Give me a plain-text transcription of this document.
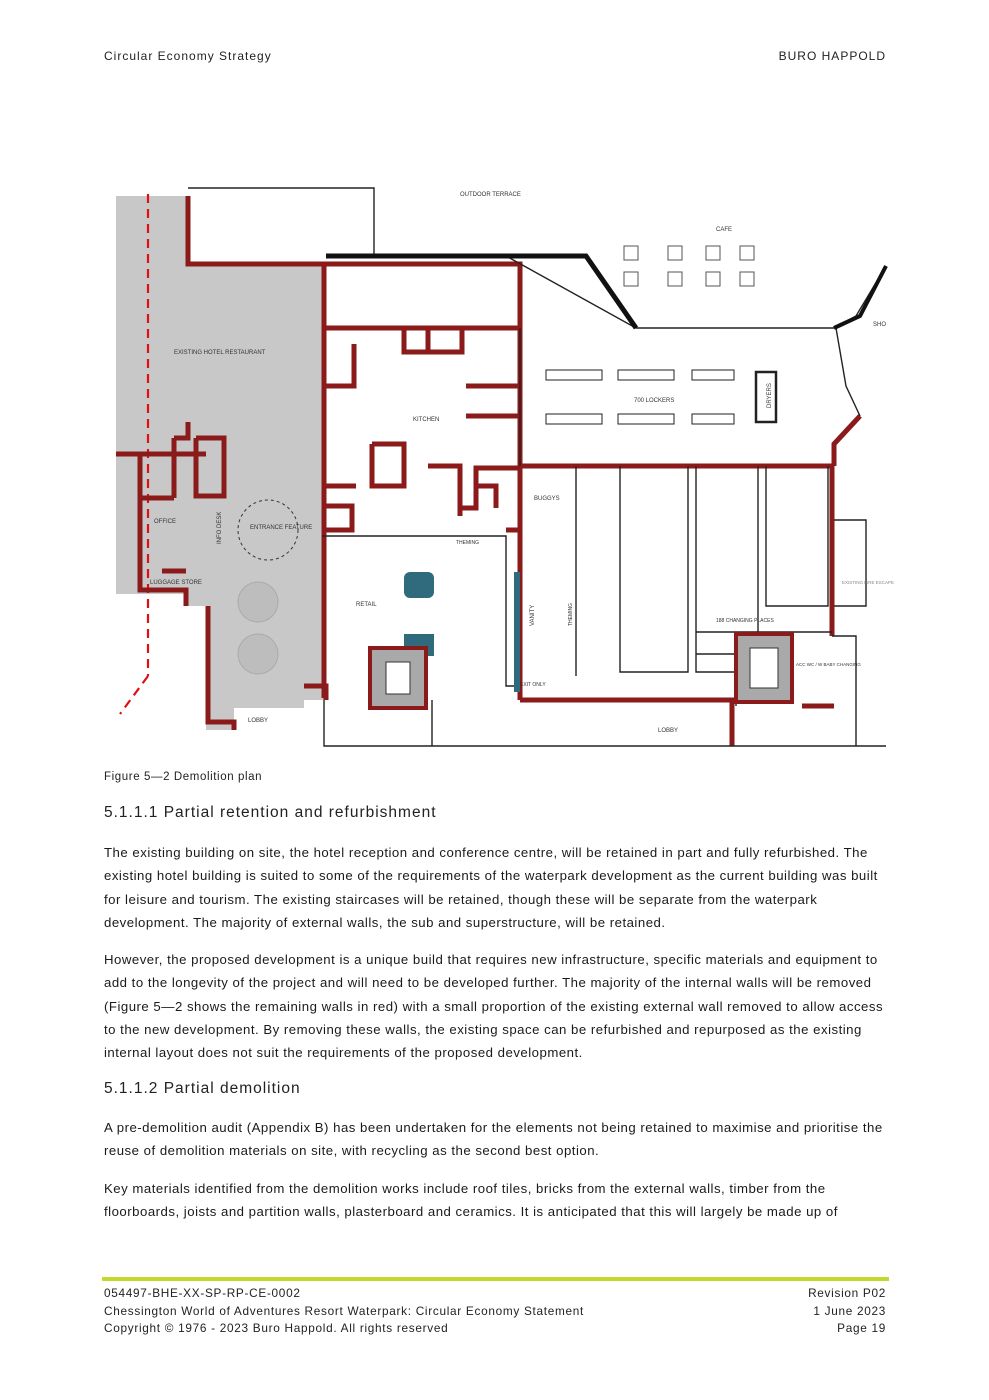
Circular Economy Strategy	BURO HAPPOLD
OUTDOOR TERRACE
CAFE
SHO
EXISTING HOTEL RESTAURANT
KITCHEN
700 LOCKERS	DRYERS
BUGGYS
OFFICE	INFO DESK	ENTRANCE FEATURE
LUGGAGE STORE
THEMING
THEMING
RETAIL	VANITY
EXIT ONLY
188 CHANGING PLACES
ACC WC / W BABY CHANGING
EXISTING FIRE ESCAPE
LOBBY
LOBBY
Figure 5—2 Demolition plan
5.1.1.1 Partial retention and refurbishment
The existing building on site, the hotel reception and conference centre, will be retained in part and fully refurbished. The existing hotel building is suited to some of the requirements of the waterpark development as the current building was built for leisure and tourism. The existing staircases will be retained, though these will be separate from the waterpark development. The majority of external walls, the sub and superstructure, will be retained.
However, the proposed development is a unique build that requires new infrastructure, specific materials and equipment to add to the longevity of the project and will need to be developed further. The majority of the internal walls will be removed (Figure 5—2 shows the remaining walls in red) with a small proportion of the existing external wall removed to allow access to the new development. By removing these walls, the existing space can be refurbished and repurposed as the existing internal layout does not suit the requirements of the proposed development.
5.1.1.2 Partial demolition
A pre-demolition audit (Appendix B) has been undertaken for the elements not being retained to maximise and prioritise the reuse of demolition materials on site, with recycling as the second best option.
Key materials identified from the demolition works include roof tiles, bricks from the external walls, timber from the floorboards, joists and partition walls, plasterboard and ceramics. It is anticipated that this will largely be made up of
054497-BHE-XX-SP-RP-CE-0002
Chessington World of Adventures Resort Waterpark: Circular Economy Statement
Copyright © 1976 - 2023 Buro Happold. All rights reserved
Revision P02
1 June 2023
Page 19
